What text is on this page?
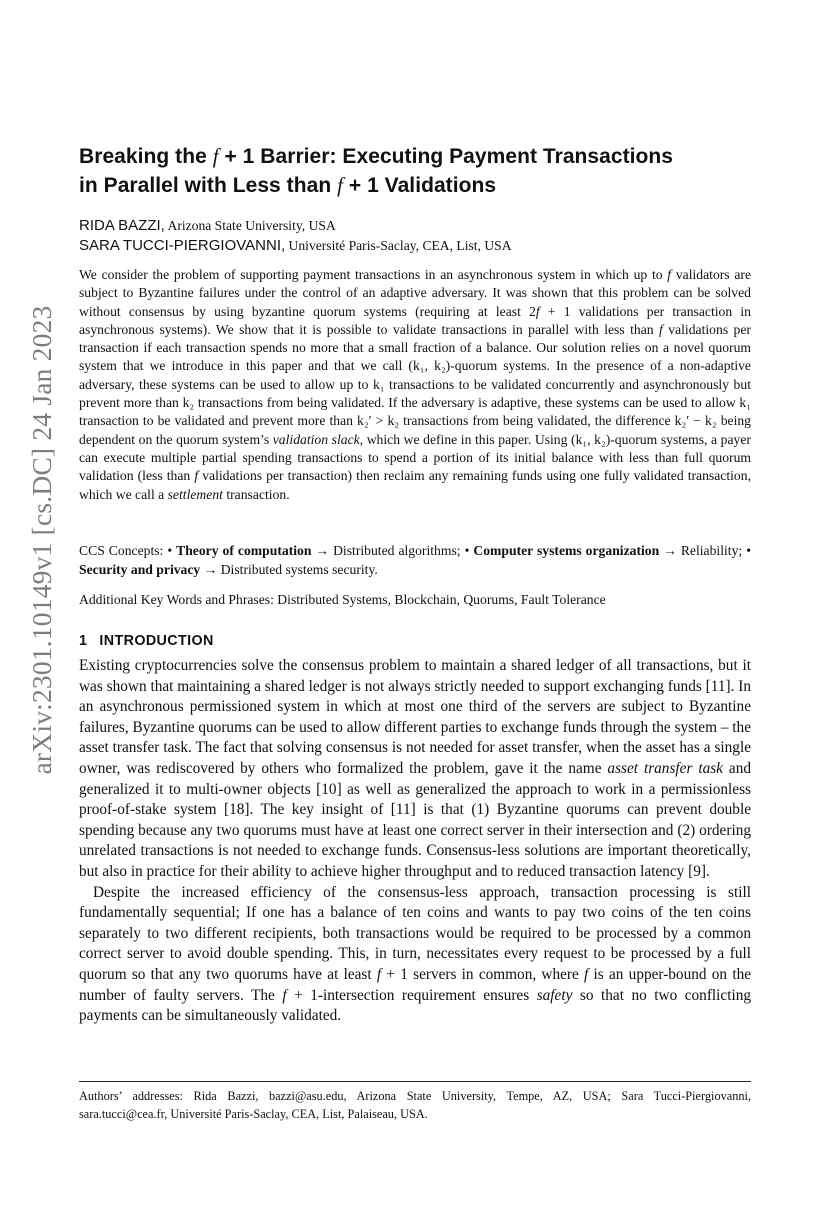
arXiv:2301.10149v1 [cs.DC] 24 Jan 2023
Breaking the f + 1 Barrier: Executing Payment Transactions
in Parallel with Less than f + 1 Validations
RIDA BAZZI, Arizona State University, USA
SARA TUCCI-PIERGIOVANNI, Université Paris-Saclay, CEA, List, USA

We consider the problem of supporting payment transactions in an asynchronous system in which up to f validators are subject to Byzantine failures under the control of an adaptive adversary. It was shown that this problem can be solved without consensus by using byzantine quorum systems (requiring at least 2f + 1 validations per transaction in asynchronous systems). We show that it is possible to validate transactions in parallel with less than f validations per transaction if each transaction spends no more that a small fraction of a balance. Our solution relies on a novel quorum system that we introduce in this paper and that we call (k₁, k₂)-quorum systems. In the presence of a non-adaptive adversary, these systems can be used to allow up to k₁ transactions to be validated concurrently and asynchronously but prevent more than k₂ transactions from being validated. If the adversary is adaptive, these systems can be used to allow k₁ transaction to be validated and prevent more than k₂′ > k₂ transactions from being validated, the difference k₂′ − k₂ being dependent on the quorum system’s validation slack, which we define in this paper. Using (k₁, k₂)-quorum systems, a payer can execute multiple partial spending transactions to spend a portion of its initial balance with less than full quorum validation (less than f validations per transaction) then reclaim any remaining funds using one fully validated transaction, which we call a settlement transaction.

CCS Concepts: • Theory of computation → Distributed algorithms; • Computer systems organization → Reliability; • Security and privacy → Distributed systems security.

Additional Key Words and Phrases: Distributed Systems, Blockchain, Quorums, Fault Tolerance

1 INTRODUCTION

Existing cryptocurrencies solve the consensus problem to maintain a shared ledger of all transactions, but it was shown that maintaining a shared ledger is not always strictly needed to support exchanging funds [11]. In an asynchronous permissioned system in which at most one third of the servers are subject to Byzantine failures, Byzantine quorums can be used to allow different parties to exchange funds through the system – the asset transfer task. The fact that solving consensus is not needed for asset transfer, when the asset has a single owner, was rediscovered by others who formalized the problem, gave it the name asset transfer task and generalized it to multi-owner objects [10] as well as generalized the approach to work in a permissionless proof-of-stake system [18]. The key insight of [11] is that (1) Byzantine quorums can prevent double spending because any two quorums must have at least one correct server in their intersection and (2) ordering unrelated transactions is not needed to exchange funds. Consensus-less solutions are important theoretically, but also in practice for their ability to achieve higher throughput and to reduced transaction latency [9].

Despite the increased efficiency of the consensus-less approach, transaction processing is still fundamentally sequential; If one has a balance of ten coins and wants to pay two coins of the ten coins separately to two different recipients, both transactions would be required to be processed by a common correct server to avoid double spending. This, in turn, necessitates every request to be processed by a full quorum so that any two quorums have at least f + 1 servers in common, where f is an upper-bound on the number of faulty servers. The f + 1-intersection requirement ensures safety so that no two conflicting payments can be simultaneously validated.

Authors’ addresses: Rida Bazzi, bazzi@asu.edu, Arizona State University, Tempe, AZ, USA; Sara Tucci-Piergiovanni, sara.tucci@cea.fr, Université Paris-Saclay, CEA, List, Palaiseau, USA.
